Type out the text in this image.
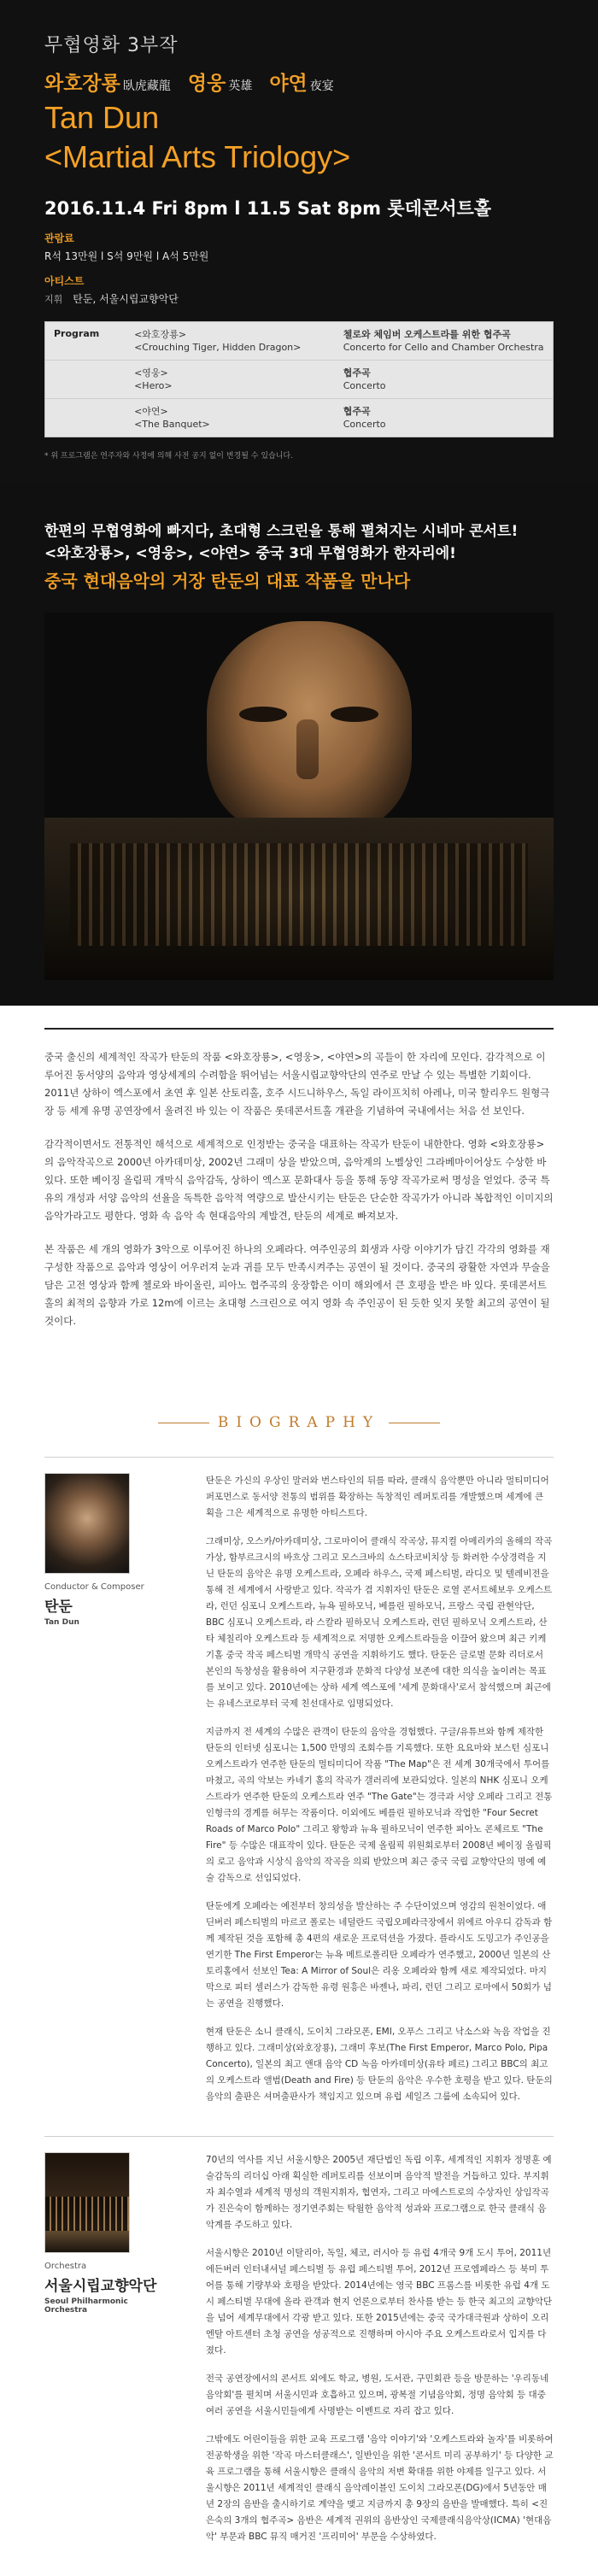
무협영화 3부작
와호장룡 臥虎藏龍 영웅 英雄 야연 夜宴
Tan Dun
<Martial Arts Triology>
2016.11.4 Fri 8pm l 11.5 Sat 8pm 롯데콘서트홀
관람료
R석 13만원 l S석 9만원 l A석 5만원
아티스트
지휘 탄둔, 서울시립교향악단
Program	<와호장룡>
<Crouching Tiger, Hidden Dragon>
첼로와 체임버 오케스트라를 위한 협주곡
Concerto for Cello and Chamber Orchestra
<영웅>
<Hero>
협주곡
Concerto
<야연>
<The Banquet>
협주곡
Concerto
* 위 프로그램은 연주자와 사정에 의해 사전 공지 없이 변경될 수 있습니다.
한편의 무협영화에 빠지다, 초대형 스크린을 통해 펼쳐지는 시네마 콘서트!
<와호장룡>, <영웅>, <야연> 중국 3대 무협영화가 한자리에!
중국 현대음악의 거장 탄둔의 대표 작품을 만나다

중국 출신의 세계적인 작곡가 탄둔의 작품 <와호장룡>, <영웅>, <야연>의 곡들이 한 자리에 모인다. 감각적으로 이루어진 동서양의 음악과 영상세계의 수려함을 뛰어넘는 서울시립교향악단의 연주로 만날 수 있는 특별한 기회이다. 2011년 상하이 엑스포에서 초연 후 일본 산토리홀, 호주 시드니하우스, 독일 라이프치히 아레나, 미국 할리우드 원형극장 등 세계 유명 공연장에서 울려진 바 있는 이 작품은 롯데콘서트홀 개관을 기념하여 국내에서는 처음 선 보인다.

감각적이면서도 전통적인 해석으로 세계적으로 인정받는 중국을 대표하는 작곡가 탄둔이 내한한다. 영화 <와호장룡>의 음악작곡으로 2000년 아카데미상, 2002년 그래미 상을 받았으며, 음악계의 노벨상인 그라베마이어상도 수상한 바 있다. 또한 베이징 올림픽 개막식 음악감독, 상하이 엑스포 문화대사 등을 통해 동양 작곡가로써 명성을 얻었다. 중국 특유의 개성과 서양 음악의 선율을 독특한 음악적 역량으로 발산시키는 탄둔은 단순한 작곡가가 아니라 복합적인 이미지의 음악가라고도 평한다. 영화 속 음악 속 현대음악의 계발견, 탄둔의 세계로 빠져보자.

본 작품은 세 개의 영화가 3악으로 이루어진 하나의 오페라다. 여주인공의 회생과 사랑 이야기가 담긴 각각의 영화를 재구성한 작품으로 음악과 영상이 어우러져 눈과 귀를 모두 만족시켜주는 공연이 될 것이다. 중국의 광활한 자연과 무술을 담은 고전 영상과 함께 첼로와 바이올린, 피아노 협주곡의 웅장함은 이미 해외에서 큰 호평을 받은 바 있다. 롯데콘서트홀의 최적의 음향과 가로 12m에 이르는 초대형 스크린으로 여지 영화 속 주인공이 된 듯한 잊지 못할 최고의 공연이 될 것이다.

BIOGRAPHY
Conductor & Composer
탄둔
Tan Dun

탄둔은 가신의 우상인 말러와 번스타인의 뒤를 따라, 클래식 음악뿐만 아니라 멀티미디어 퍼포먼스로 동서양 전통의 범위를 확장하는 독창적인 레퍼토리를 개발했으며 세계에 큰 획을 그은 세계적으로 유명한 아티스트다.

그래미상, 오스카/아카데미상, 그로마이어 클래식 작곡상, 뮤지컬 아메리카의 올해의 작곡가상, 함부르크시의 바흐상 그리고 모스크바의 쇼스타코비치상 등 화려한 수상경력을 지닌 탄둔의 음악은 유명 오케스트라, 오페라 하우스, 국제 페스티벌, 라디오 및 텔레비전을 통해 전 세계에서 사랑받고 있다. 작곡가 겸 지휘자인 탄둔은 로열 콘서트헤보우 오케스트라, 런던 심포니 오케스트라, 뉴욕 필하모닉, 베를린 필하모닉, 프랑스 국립 관현악단, BBC 심포니 오케스트라, 라 스칼라 필하모닉 오케스트라, 런던 필하모닉 오케스트라, 산타 체칠리아 오케스트라 등 세계적으로 저명한 오케스트라들을 이끌어 왔으며 최근 키케기홀 중국 작곡 페스티벌 개막식 공연을 지휘하기도 했다. 탄둔은 글로벌 문화 리더로서 본인의 독창성을 활용하여 지구환경과 문화적 다양성 보존에 대한 의식을 높이려는 목표를 보이고 있다. 2010년에는 상하 세계 엑스포에 '세계 문화대사'로서 참석했으며 최근에는 유네스코로부터 국제 친선대사로 임명되었다.

지금까지 전 세계의 수많은 관객이 탄둔의 음악을 경험했다. 구글/유튜브와 함께 제작한 탄둔의 인터넷 심포니는 1,500 만명의 조회수를 기록했다. 또한 요요마와 보스턴 심포니 오케스트라가 연주한 탄둔의 멀티미디어 작품 "The Map"은 전 세계 30개국에서 투어를 마쳤고, 곡의 악보는 카네기 홀의 작곡가 갤러리에 보관되었다. 일본의 NHK 심포니 오케스트라가 연주한 탄둔의 오케스트라 연주 "The Gate"는 경극과 서양 오페라 그리고 전통 인형극의 경계를 허무는 작품이다. 이외에도 베를린 필하모닉과 작업한 "Four Secret Roads of Marco Polo" 그리고 왕항과 뉴욕 필하모닉이 연주한 피아노 콘체르토 "The Fire" 등 수많은 대표작이 있다. 탄둔은 국제 올림픽 위원회로부터 2008년 베이징 올림픽의 로고 음악과 시상식 음악의 작곡을 의뢰 받았으며 최근 중국 국립 교향악단의 명예 예술 감독으로 선임되었다.

탄둔에게 오페라는 예전부터 창의성을 발산하는 주 수단이었으며 영감의 원천이었다. 애딘버러 페스티벌의 마르코 폴로는 네덜란드 국립오페라극장에서 위에르 아우디 감독과 함께 제작된 것을 포함해 총 4편의 새로운 프로덕션을 가졌다. 플라시도 도밍고가 주인공을 연기한 The First Emperor는 뉴욕 메트로폴리탄 오페라가 연주했고, 2000년 일본의 산토리홀에서 선보인 Tea: A Mirror of Soul은 리옹 오페라와 함께 새로 제작되었다. 마지막으로 피터 셀러스가 감독한 유령 원흥은 바젠나, 파리, 런던 그리고 로마에서 50회가 넘는 공연을 진행했다.

현재 탄둔은 소니 클래식, 도이치 그라모폰, EMI, 오푸스 그리고 낙소스와 녹음 작업을 진행하고 있다. 그래미상(와호장룡), 그래미 후보(The First Emperor, Marco Polo, Pipa Concerto), 일본의 최고 앤대 음악 CD 녹음 아카데미상(유타 페르) 그리고 BBC의 최고의 오케스트라 앨범(Death and Fire) 등 탄둔의 음악은 우수한 호평을 받고 있다. 탄둔의 음악의 출판은 셔머출판사가 책임지고 있으며 유럽 세일즈 그룹에 소속되어 있다.

Orchestra
서울시립교향악단
Seoul Philharmonic Orchestra

70년의 역사를 지닌 서울시향은 2005년 재단법인 독립 이후, 세계적인 지휘자 정명훈 예술감독의 리더십 아래 획실한 레퍼토리를 선보이며 음악적 발전을 거듭하고 있다. 부지휘자 최수열과 세계적 명성의 객원지휘자, 협연자, 그리고 마에스트로의 수상자인 상임작곡가 진은숙이 함께하는 정기연주회는 탁월한 음악적 성과와 프로그램으로 한국 클래식 음악계를 주도하고 있다.

서울시향은 2010년 이탈리아, 독일, 체코, 러시아 등 유럽 4개국 9개 도시 투어, 2011년 에든버러 인터내셔널 페스티벌 등 유럽 페스티벌 투어, 2012년 프로엠페라스 등 북미 투어를 통해 기량부와 호평을 받았다. 2014년에는 영국 BBC 프롬스를 비롯한 유럽 4개 도시 페스티벌 무대에 올라 관객과 현지 언론으로부터 찬사를 받는 등 한국 최고의 교향악단을 넘어 세계무대에서 각광 받고 있다. 또한 2015년에는 중국 국가대극원과 상하이 오리엔탈 아트센터 초청 공연을 성공적으로 진행하며 아시아 주요 오케스트라로서 입지를 다졌다.

전국 공연장에서의 콘서트 외에도 학교, 병원, 도서관, 구민회관 등을 방문하는 '우리동네 음악회'를 펼치며 서울시민과 호흡하고 있으며, 광복절 기념음악회, 정명 음악회 등 대중 여러 공연을 서울시민들에게 사명받는 이벤트로 자리 잡고 있다.

그밖에도 어린이들을 위한 교육 프로그램 '음악 이야기'와 '오케스트라와 놀자'를 비롯하여 전공학생을 위한 '작곡 마스터클래스', 일반인을 위한 '콘서트 미리 공부하기' 등 다양한 교육 프로그램을 통해 서울시향은 클래식 음악의 저변 확대를 위한 야제를 일구고 있다. 서울시향은 2011년 세계적인 클래식 음악레이블인 도이치 그라모폰(DG)에서 5년동안 매년 2장의 음반을 출시하기로 계약을 맺고 지금까지 총 9장의 음반을 발매했다. 특히 <진은숙의 3개의 협주곡> 음반은 세계적 권위의 음반상인 국제클래식음악상(ICMA) '현대음악' 부문과 BBC 뮤직 매거진 '프리미어' 부문을 수상하였다.
